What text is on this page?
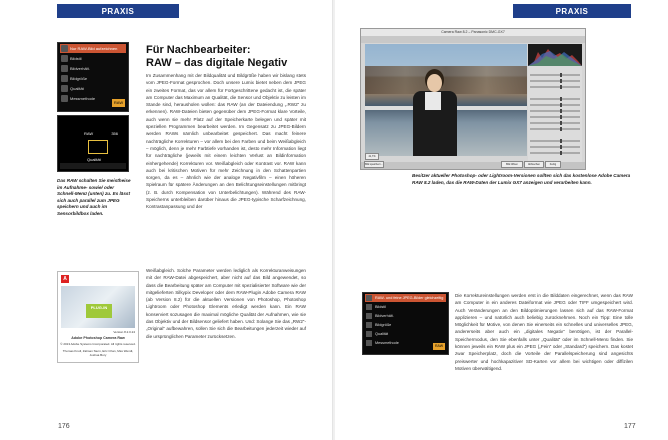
PRAXIS
Nur RAW-Bild aufzeichnen
Bildstil
Bildverhält.
Bildgröße
Qualität
Messmethode
RAW
RAW	356
Qualität
Das RAW schalten Sie meistheise im Aufnahme- sowie/ oder Schnell-Menü (unten) zu. Es lässt sich auch parallel zum JPEG speichern und auch im Sensorbildbox laden.
Für Nachbearbeiter:
RAW – das digitale Negativ
Im Zusammenhang mit der Bildqualität und Bildgröße haben wir bislang stets vom JPEG-Format gesprochen. Doch unsere Lumix bietet neben dem JPEG ein zweites Format, das vor allem für Fortgeschrittene gedacht ist, die später am Computer das Maximum an Qualität, die Sensor und Objektiv zu leisten im Stande sind, herausholen wollen: das RAW (an der Dateiendung „.RW2“ zu erkennen). RAW-Dateien bieten gegenüber dem JPEG-Format klare Vorteile, auch wenn sie mehr Platz auf der Speicherkarte belegen und später mit speziellen Programmen bearbeitet werden. Im Gegensatz zu JPEG-Bildern werden RAWs nämlich unbearbeitet gespeichert. Das macht feinere nachträgliche Korrekturen – vor allem bei den Farben und beim Weißabgleich – möglich, denn je mehr Farbtiefe vorhanden ist, desto mehr Information liegt für nachträgliche (jeweils mit einem leichten Verlust an Bildinformation einhergehende) Korrekturen vor. Weißabgleich oder Kontrast vor. RAW kann auch bei kritischen Motiven für mehr Zeichnung in den Schattenpartien sorgen, da es – ähnlich wie der analoge Negativfilm – einen höheren Spielraum für spätere Änderungen an den Belichtungseinstellungen mitbringt (z. B. durch Kompensation von Unterbelichtungen). Während des RAW-Speicherns unterbleiben darüber hinaus die JPEG-typische Scharfzeichnung, Kontrastanpassung und der
Weißabgleich. Solche Parameter werden lediglich als Korrekturanweisungen mit der RAW-Datei abgespeichert, aber nicht auf das Bild angewendet, so dass die Bearbeitung später am Computer mit spezialisierter Software wie der mitgelieferten Silkypix Developer oder dem RAW-Plugin Adobe Camera RAW (ab Version 8.2) für die aktuellen Versionen von Photoshop, Photoshop Lightroom oder Photoshop Elements erledigt werden kann. Ein RAW konserviert sozusagen die maximal mögliche Qualität der Aufnahmen, wie sie das Objektiv und der Bildsensor geliefert haben. Und: Solange Sie das „RW2“-„Original“ aufbewahren, sollen Sie sich die Bearbeitungen jederzeit wieder auf die ursprünglichen Parameter zurücksetzen.
A
PLUG-IN
Version 8.2.0.24
Adobe Photoshop Camera Raw
© 2013 Adobe Systems Incorporated. All rights reserved.
Thomas Knoll, Zalman Stern, Eric Chan, Max Wendt, Joshua Bury
176
PRAXIS
Camera Raw 8.2 – Panasonic DMC-GX7
Bild speichern...	Bild öffnen	Abbrechen	Fertig
41,7%
Besitzer aktueller Photoshop- oder Lightroom-Versionen sollten sich das kostenlose Adobe Camera RAW 8.2 laden, das die RAW-Daten der Lumix GX7 anzeigen und verarbeiten kann.
RAW- und feine JPEG-Bilder gleichzeitig
Bildstil
Bildverhält.
Bildgröße
Qualität
Messmethode
RAW
Die Korrektureinstellungen werden erst in die Bilddaten eingerechnet, wenn das RAW am Computer in ein anderes Dateiformat wie JPEG oder TIFF umgespeichert wird. Auch Veränderungen an den Bildoptimierungen lassen sich auf das RAW-Format applizieren – und natürlich auch beliebig zurücknehmen. Noch ein Tipp: Eine tolle Möglichkeit für Motive, von denen Sie einerseits ein schnelles und universelles JPEG, andererseits aber auch ein „digitales Negativ“ benötigen, ist der Parallel-Speichermodus, den Sie ebenfalls unter „Qualität“ oder im Schnell-Menü finden. Sie können jeweils ein RAW plus ein JPEG („Fein“ oder „Standard“) speichern. Das kostet zwar Speicherplatz, doch die Vorteile der Parallelspeicherung sind angesichts preiswerter und hochkapazitiver SD-Karten vor allem bei wichtigen oder diffizilen Motiven überwältigend.
177
